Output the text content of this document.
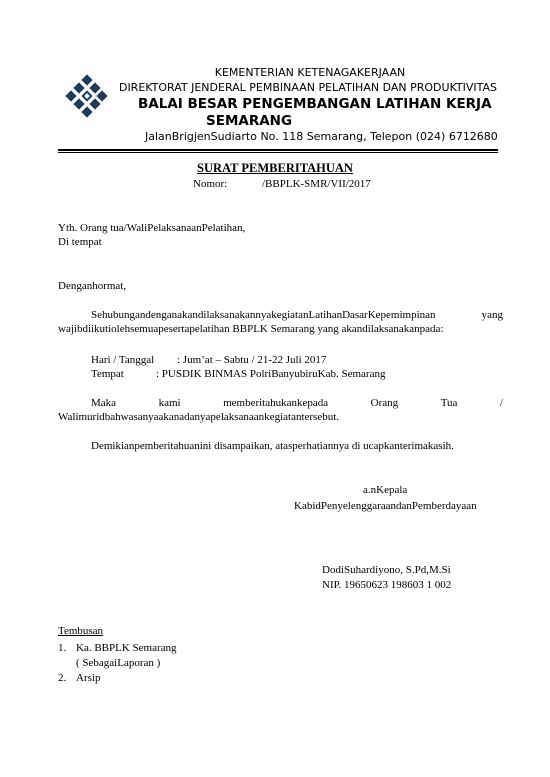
KEMENTERIAN KETENAGAKERJAAN
DIREKTORAT JENDERAL PEMBINAAN PELATIHAN DAN PRODUKTIVITAS
BALAI BESAR PENGEMBANGAN LATIHAN KERJA
SEMARANG
JalanBrigjenSudiarto No. 118 Semarang, Telepon (024) 6712680
SURAT PEMBERITAHUAN
Nomor:	/BBPLK-SMR/VII/2017
Yth. Orang tua/WaliPelaksanaanPelatihan,
Di tempat
Denganhormat,
SehubungandenganakandilaksanakannyakegiatanLatihanDasarKepemimpinan	yang
wajibdiikutiolehsemuapesertapelatihan BBPLK Semarang yang akandilaksanakanpada:
Hari / Tanggal : Jum’at – Sabtu / 21-22 Juli 2017
Tempat	: PUSDIK BINMAS PolriBanyubiruKab. Semarang
Maka	kami	memberitahukankepada	Orang	Tua	/
Walimuridbahwasanyaakanadanyapelaksanaankegiatantersebut.
Demikianpemberitahuanini disampaikan, atasperhatiannya di ucapkanterimakasih.
a.nKepala
KabidPenyelenggaraandanPemberdayaan
DodiSuhardiyono, S.Pd,M.Si
NIP. 19650623 198603 1 002
Tembusan
1. Ka. BBPLK Semarang
( SebagaiLaporan )
2. Arsip
